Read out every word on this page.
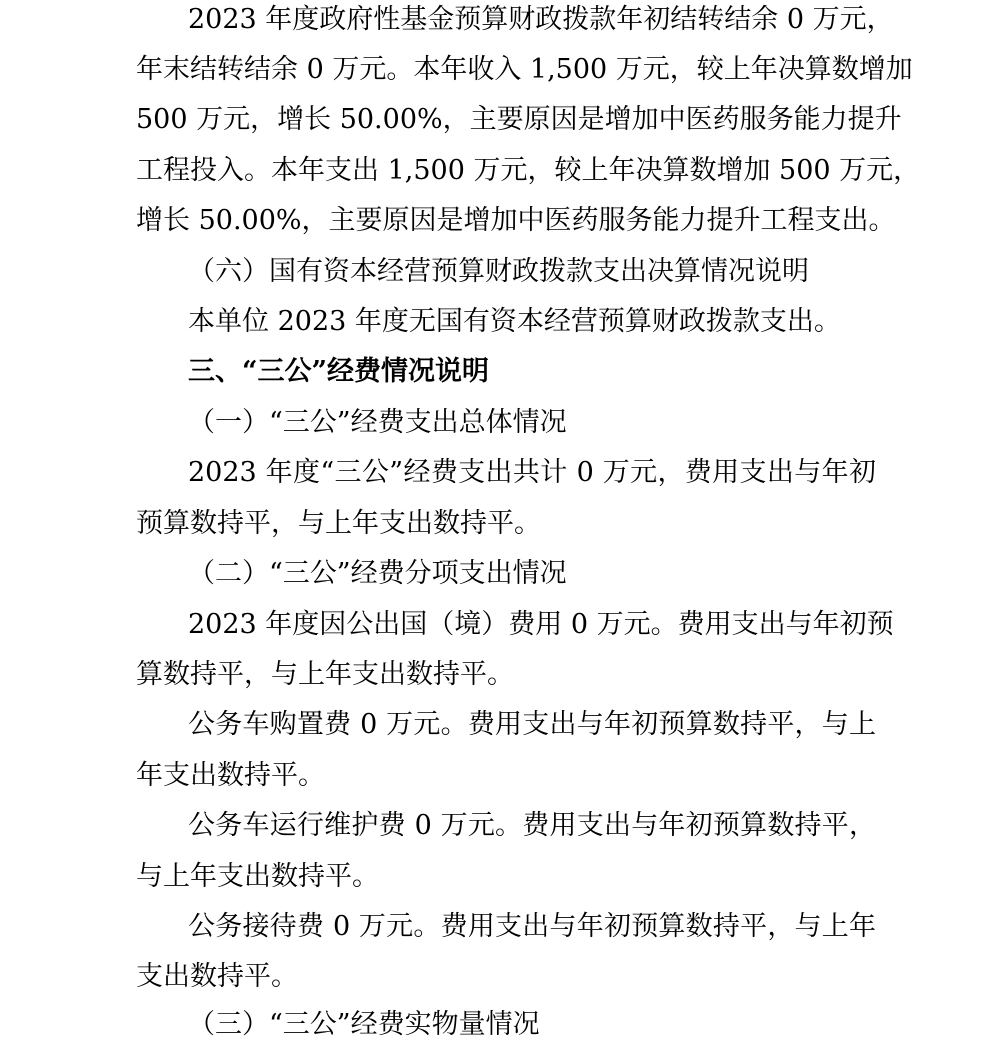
2023 年度政府性基金预算财政拨款年初结转结余 0 万元，
年末结转结余 0 万元。本年收入 1,500 万元，较上年决算数增加
500 万元，增长 50.00%，主要原因是增加中医药服务能力提升
工程投入。本年支出 1,500 万元，较上年决算数增加 500 万元，
增长 50.00%，主要原因是增加中医药服务能力提升工程支出。
（六）国有资本经营预算财政拨款支出决算情况说明
本单位 2023 年度无国有资本经营预算财政拨款支出。
三、“三公”经费情况说明
（一）“三公”经费支出总体情况
2023 年度“三公”经费支出共计 0 万元，费用支出与年初
预算数持平，与上年支出数持平。
（二）“三公”经费分项支出情况
2023 年度因公出国（境）费用 0 万元。费用支出与年初预
算数持平，与上年支出数持平。
公务车购置费 0 万元。费用支出与年初预算数持平，与上
年支出数持平。
公务车运行维护费 0 万元。费用支出与年初预算数持平，
与上年支出数持平。
公务接待费 0 万元。费用支出与年初预算数持平，与上年
支出数持平。
（三）“三公”经费实物量情况
